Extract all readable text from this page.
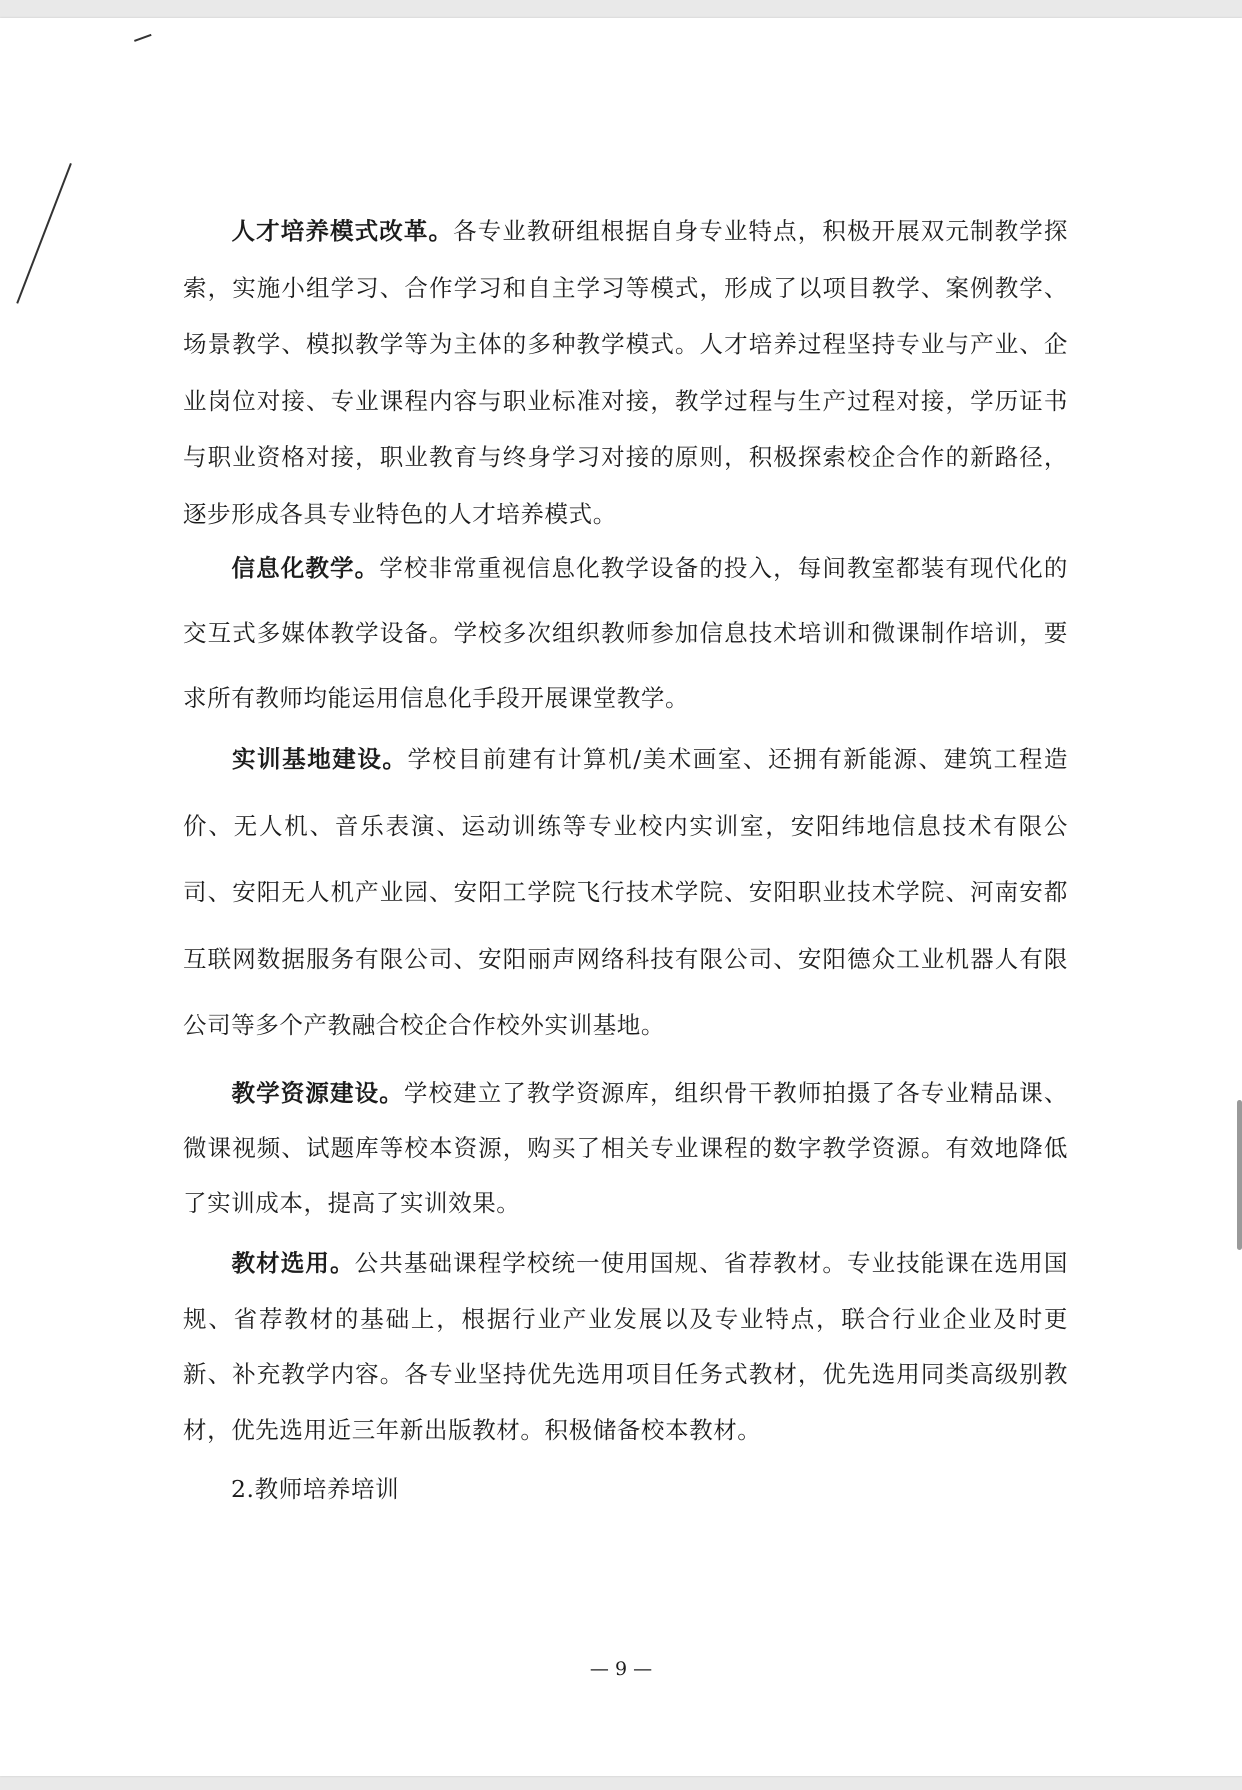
人才培养模式改革。各专业教研组根据自身专业特点，积极开展双元制教学探索，实施小组学习、合作学习和自主学习等模式，形成了以项目教学、案例教学、场景教学、模拟教学等为主体的多种教学模式。人才培养过程坚持专业与产业、企业岗位对接、专业课程内容与职业标准对接，教学过程与生产过程对接，学历证书与职业资格对接，职业教育与终身学习对接的原则，积极探索校企合作的新路径，逐步形成各具专业特色的人才培养模式。

信息化教学。学校非常重视信息化教学设备的投入，每间教室都装有现代化的交互式多媒体教学设备。学校多次组织教师参加信息技术培训和微课制作培训，要求所有教师均能运用信息化手段开展课堂教学。

实训基地建设。学校目前建有计算机/美术画室、还拥有新能源、建筑工程造价、无人机、音乐表演、运动训练等专业校内实训室，安阳纬地信息技术有限公司、安阳无人机产业园、安阳工学院飞行技术学院、安阳职业技术学院、河南安都互联网数据服务有限公司、安阳丽声网络科技有限公司、安阳德众工业机器人有限公司等多个产教融合校企合作校外实训基地。

教学资源建设。学校建立了教学资源库，组织骨干教师拍摄了各专业精品课、微课视频、试题库等校本资源，购买了相关专业课程的数字教学资源。有效地降低了实训成本，提高了实训效果。

教材选用。公共基础课程学校统一使用国规、省荐教材。专业技能课在选用国规、省荐教材的基础上，根据行业产业发展以及专业特点，联合行业企业及时更新、补充教学内容。各专业坚持优先选用项目任务式教材，优先选用同类高级别教材，优先选用近三年新出版教材。积极储备校本教材。

2.教师培养培训

— 9 —
